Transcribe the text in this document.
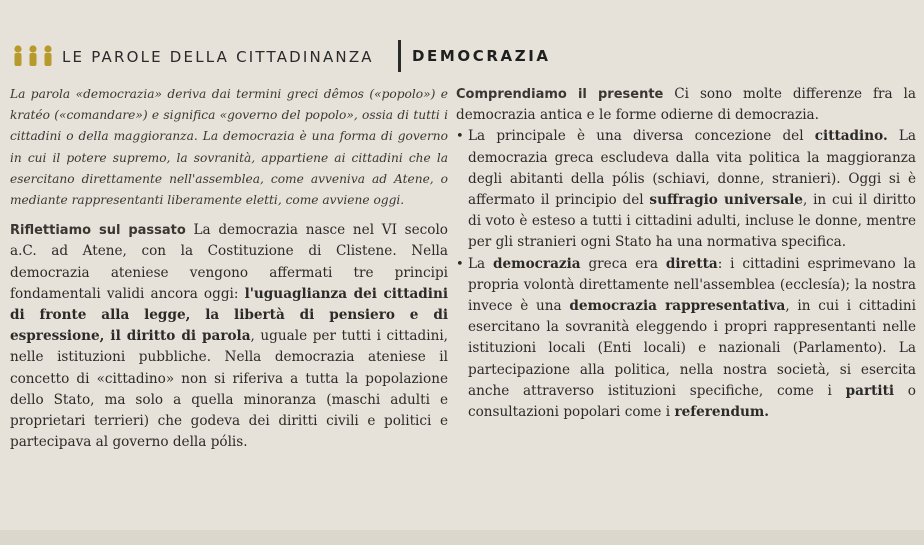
LE PAROLE DELLA CITTADINANZA	DEMOCRAZIA
La parola «democrazia» deriva dai termini greci dêmos («popolo») e kratéo («comandare») e significa «governo del popolo», ossia di tutti i cittadini o della maggioranza. La democrazia è una forma di governo in cui il potere supremo, la sovranità, appartiene ai cittadini che la esercitano direttamente nell'assemblea, come avveniva ad Atene, o mediante rappresentanti liberamente eletti, come avviene oggi.
Riflettiamo sul passato La democrazia nasce nel VI secolo a.C. ad Atene, con la Costituzione di Clistene. Nella democrazia ateniese vengono affermati tre principi fondamentali validi ancora oggi: l'uguaglianza dei cittadini di fronte alla legge, la libertà di pensiero e di espressione, il diritto di parola, uguale per tutti i cittadini, nelle istituzioni pubbliche. Nella democrazia ateniese il concetto di «cittadino» non si riferiva a tutta la popolazione dello Stato, ma solo a quella minoranza (maschi adulti e proprietari terrieri) che godeva dei diritti civili e politici e partecipava al governo della pólis.
Comprendiamo il presente Ci sono molte differenze fra la democrazia antica e le forme odierne di democrazia.
• La principale è una diversa concezione del cittadino. La democrazia greca escludeva dalla vita politica la maggioranza degli abitanti della pólis (schiavi, donne, stranieri). Oggi si è affermato il principio del suffragio universale, in cui il diritto di voto è esteso a tutti i cittadini adulti, incluse le donne, mentre per gli stranieri ogni Stato ha una normativa specifica.
• La democrazia greca era diretta: i cittadini esprimevano la propria volontà direttamente nell'assemblea (ecclesía); la nostra invece è una democrazia rappresentativa, in cui i cittadini esercitano la sovranità eleggendo i propri rappresentanti nelle istituzioni locali (Enti locali) e nazionali (Parlamento). La partecipazione alla politica, nella nostra società, si esercita anche attraverso istituzioni specifiche, come i partiti o consultazioni popolari come i referendum.
